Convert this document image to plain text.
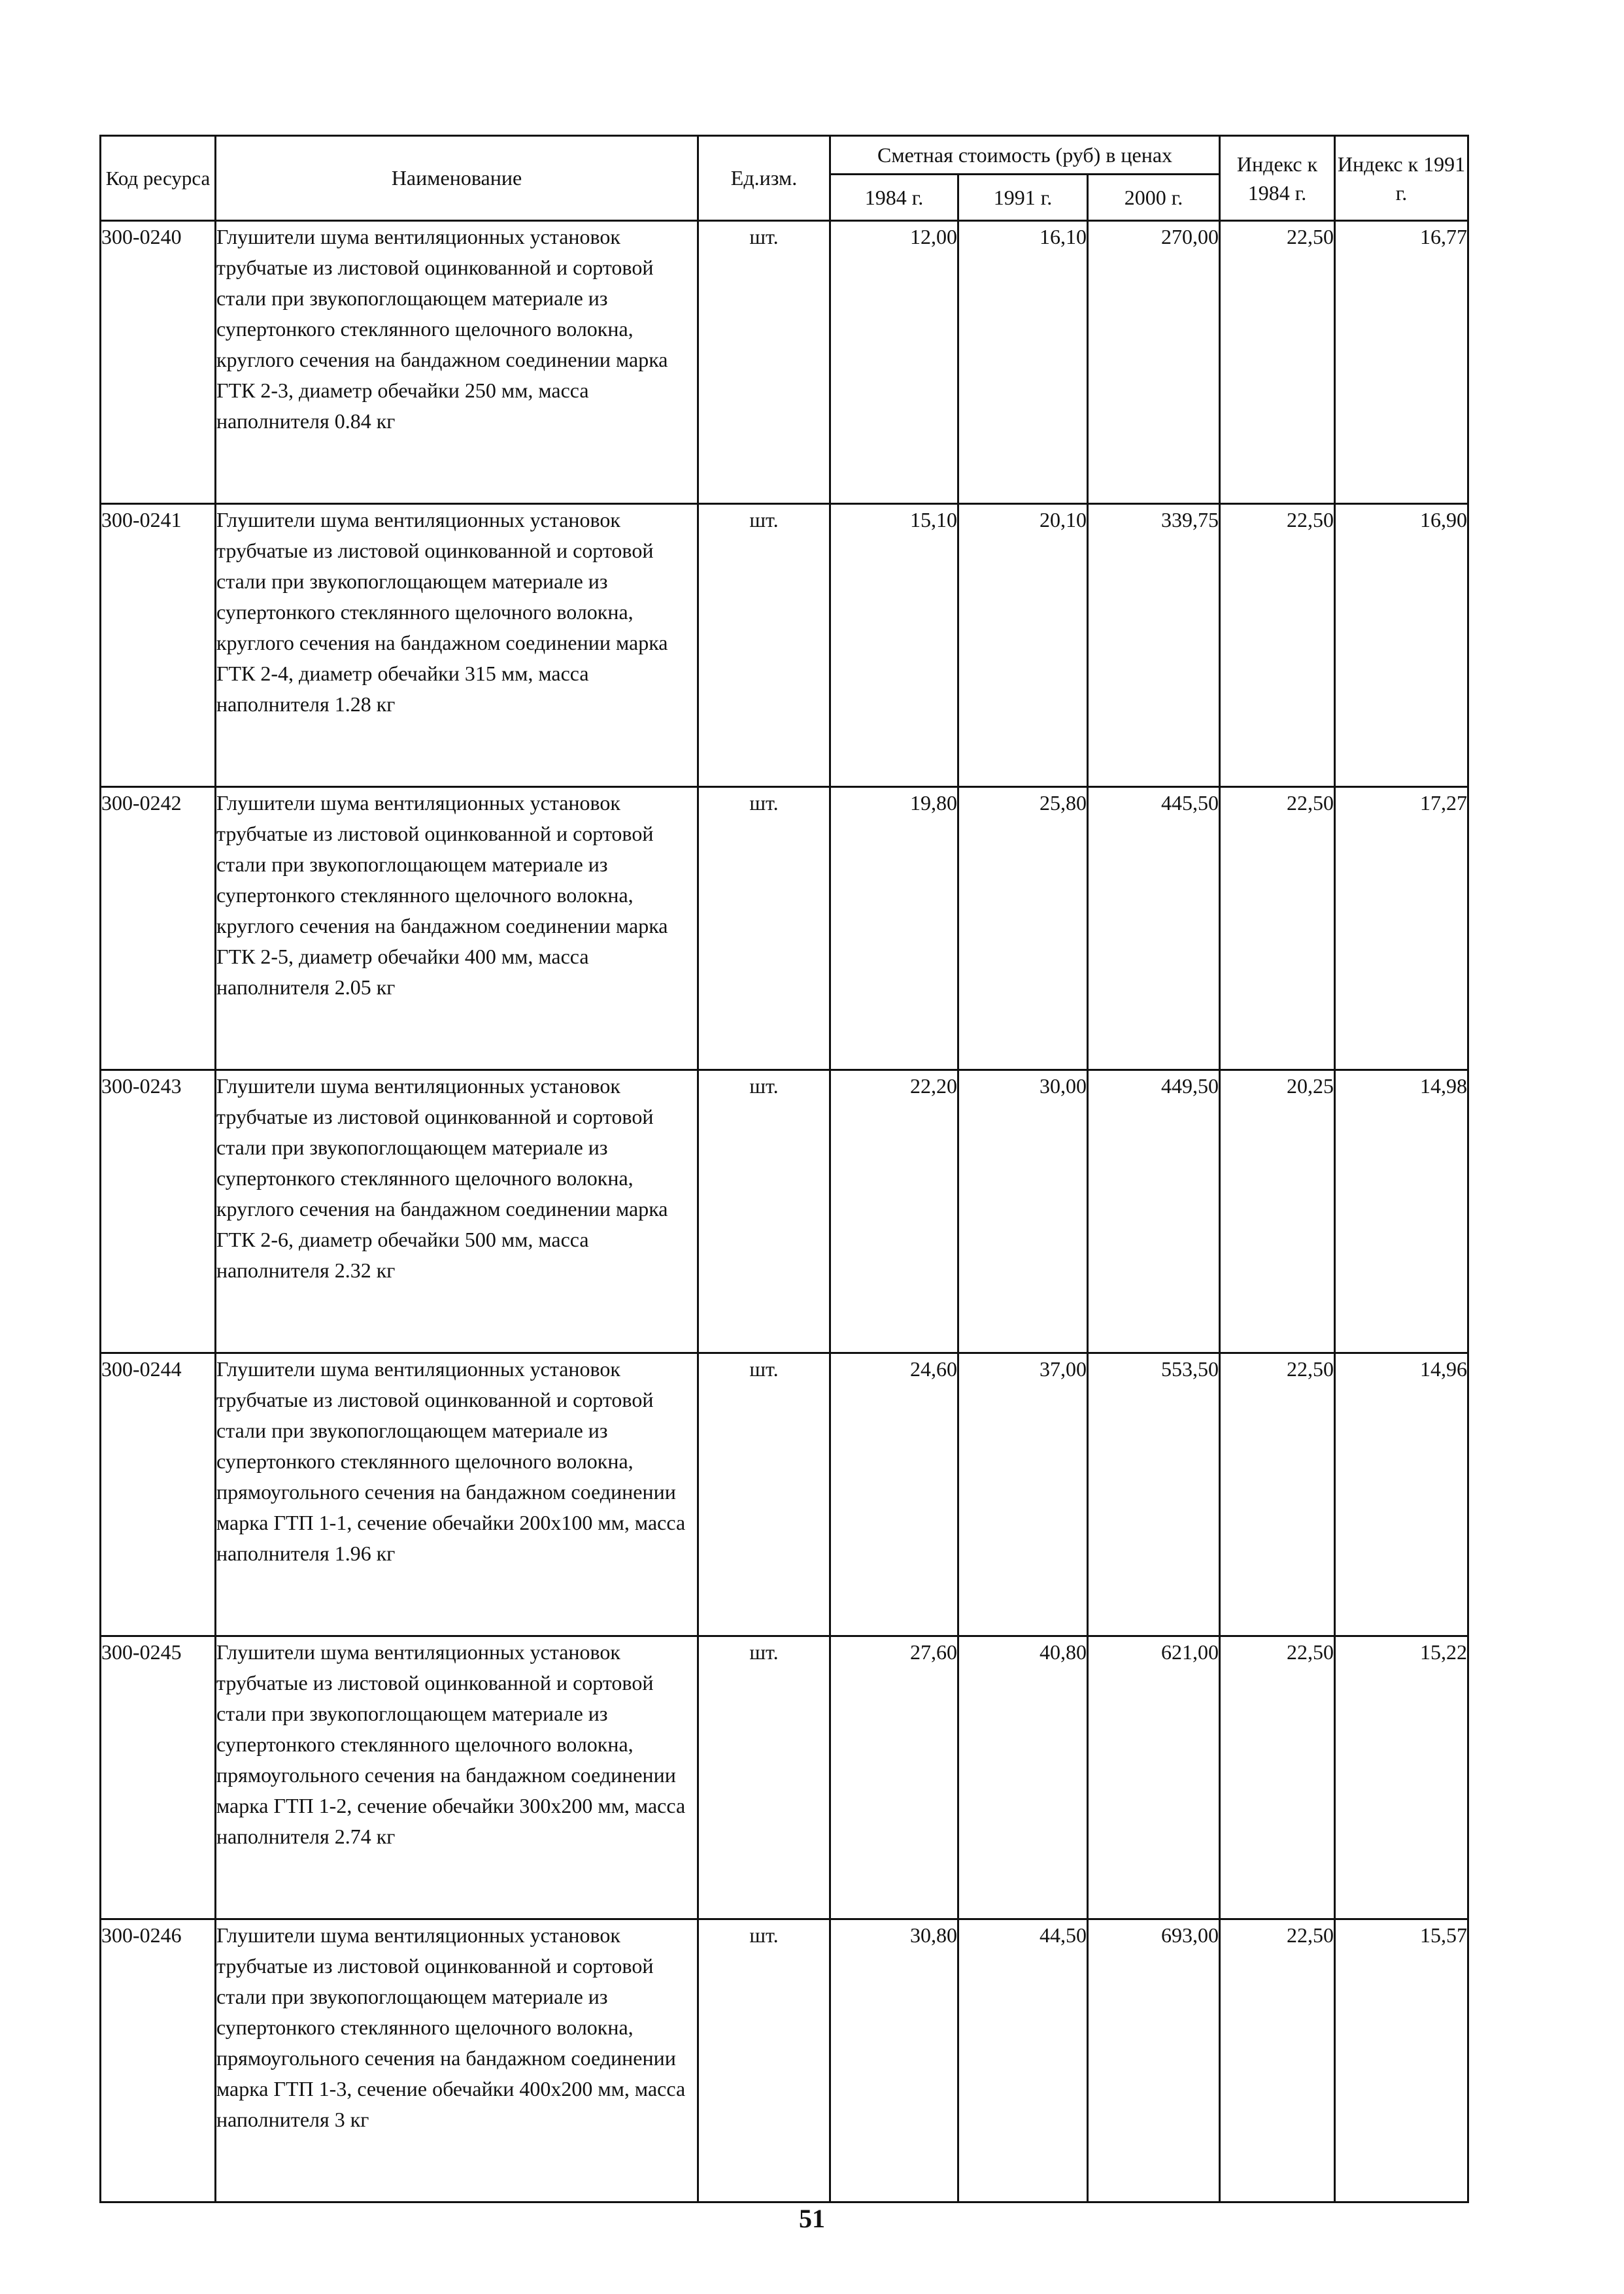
Код ресурса	Наименование	Ед.изм.	Сметная стоимость (руб) в ценах			Индекс к 1984 г.	Индекс к 1991 г.
			1984 г.	1991 г.	2000 г.		
300-0240	Глушители шума вентиляционных установок трубчатые из листовой оцинкованной и сортовой стали при звукопоглощающем материале из супертонкого стеклянного щелочного волокна, круглого сечения на бандажном соединении марка ГТК 2-3, диаметр обечайки 250 мм, масса наполнителя 0.84 кг	шт.	12,00	16,10	270,00	22,50	16,77
300-0241	Глушители шума вентиляционных установок трубчатые из листовой оцинкованной и сортовой стали при звукопоглощающем материале из супертонкого стеклянного щелочного волокна, круглого сечения на бандажном соединении марка ГТК 2-4, диаметр обечайки 315 мм, масса наполнителя 1.28 кг	шт.	15,10	20,10	339,75	22,50	16,90
300-0242	Глушители шума вентиляционных установок трубчатые из листовой оцинкованной и сортовой стали при звукопоглощающем материале из супертонкого стеклянного щелочного волокна, круглого сечения на бандажном соединении марка ГТК 2-5, диаметр обечайки 400 мм, масса наполнителя 2.05 кг	шт.	19,80	25,80	445,50	22,50	17,27
300-0243	Глушители шума вентиляционных установок трубчатые из листовой оцинкованной и сортовой стали при звукопоглощающем материале из супертонкого стеклянного щелочного волокна, круглого сечения на бандажном соединении марка ГТК 2-6, диаметр обечайки 500 мм, масса наполнителя 2.32 кг	шт.	22,20	30,00	449,50	20,25	14,98
300-0244	Глушители шума вентиляционных установок трубчатые из листовой оцинкованной и сортовой стали при звукопоглощающем материале из супертонкого стеклянного щелочного волокна, прямоугольного сечения на бандажном соединении марка ГТП 1-1, сечение обечайки 200х100 мм, масса наполнителя 1.96 кг	шт.	24,60	37,00	553,50	22,50	14,96
300-0245	Глушители шума вентиляционных установок трубчатые из листовой оцинкованной и сортовой стали при звукопоглощающем материале из супертонкого стеклянного щелочного волокна, прямоугольного сечения на бандажном соединении марка ГТП 1-2, сечение обечайки 300х200 мм, масса наполнителя 2.74 кг	шт.	27,60	40,80	621,00	22,50	15,22
300-0246	Глушители шума вентиляционных установок трубчатые из листовой оцинкованной и сортовой стали при звукопоглощающем материале из супертонкого стеклянного щелочного волокна, прямоугольного сечения на бандажном соединении марка ГТП 1-3, сечение обечайки 400х200 мм, масса наполнителя 3 кг	шт.	30,80	44,50	693,00	22,50	15,57
51
